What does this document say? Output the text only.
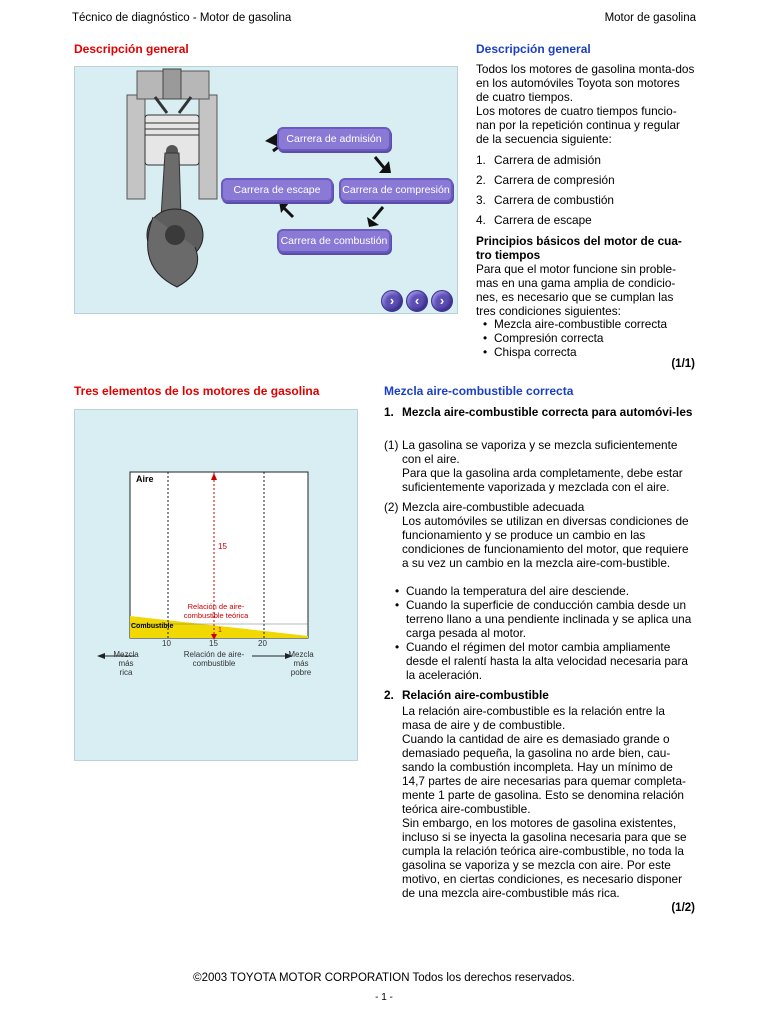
Técnico de diagnóstico - Motor de gasolina	Motor de gasolina
Descripción general
Carrera de admisión
Carrera de escape	Carrera de compresión
Carrera de combustión
›	‹	›
Descripción general

Todos los motores de gasolina monta-dos en los automóviles Toyota son motores de cuatro tiempos.

Los motores de cuatro tiempos funcio-nan por la repetición continua y regular de la secuencia siguiente:

1. Carrera de admisión
2. Carrera de compresión
3. Carrera de combustión
4. Carrera de escape
Principios básicos del motor de cua-tro tiempos
Para que el motor funcione sin proble-mas en una gama amplia de condicio-nes, es necesario que se cumplan las tres condiciones siguientes:
• Mezcla aire-combustible correcta
• Compresión correcta
• Chispa correcta
(1/1)
Tres elementos de los motores de gasolina
Aire
Combustible
15
1
Relación de aire-combustible teórica
10	15	20
Mezcla más rica
Relación de aire-combustible
Mezcla más pobre
Mezcla aire-combustible correcta
1. Mezcla aire-combustible correcta para automóvi-les
(1) La gasolina se vaporiza y se mezcla suficientemente con el aire.

Para que la gasolina arda completamente, debe estar suficientemente vaporizada y mezclada con el aire.

(2) Mezcla aire-combustible adecuada

Los automóviles se utilizan en diversas condiciones de funcionamiento y se produce un cambio en las condiciones de funcionamiento del motor, que requiere a su vez un cambio en la mezcla aire-com-bustible.

• Cuando la temperatura del aire desciende.
• Cuando la superficie de conducción cambia desde un terreno llano a una pendiente inclinada y se aplica una carga pesada al motor.
• Cuando el régimen del motor cambia ampliamente desde el ralentí hasta la alta velocidad necesaria para la aceleración.
2. Relación aire-combustible

La relación aire-combustible es la relación entre la masa de aire y de combustible.

Cuando la cantidad de aire es demasiado grande o demasiado pequeña, la gasolina no arde bien, cau-sando la combustión incompleta. Hay un mínimo de 14,7 partes de aire necesarias para quemar completa-mente 1 parte de gasolina. Esto se denomina relación teórica aire-combustible.

Sin embargo, en los motores de gasolina existentes, incluso si se inyecta la gasolina necesaria para que se cumpla la relación teórica aire-combustible, no toda la gasolina se vaporiza y se mezcla con aire. Por este motivo, en ciertas condiciones, es necesario disponer de una mezcla aire-combustible más rica.

(1/2)
©2003 TOYOTA MOTOR CORPORATION Todos los derechos reservados.
- 1 -
